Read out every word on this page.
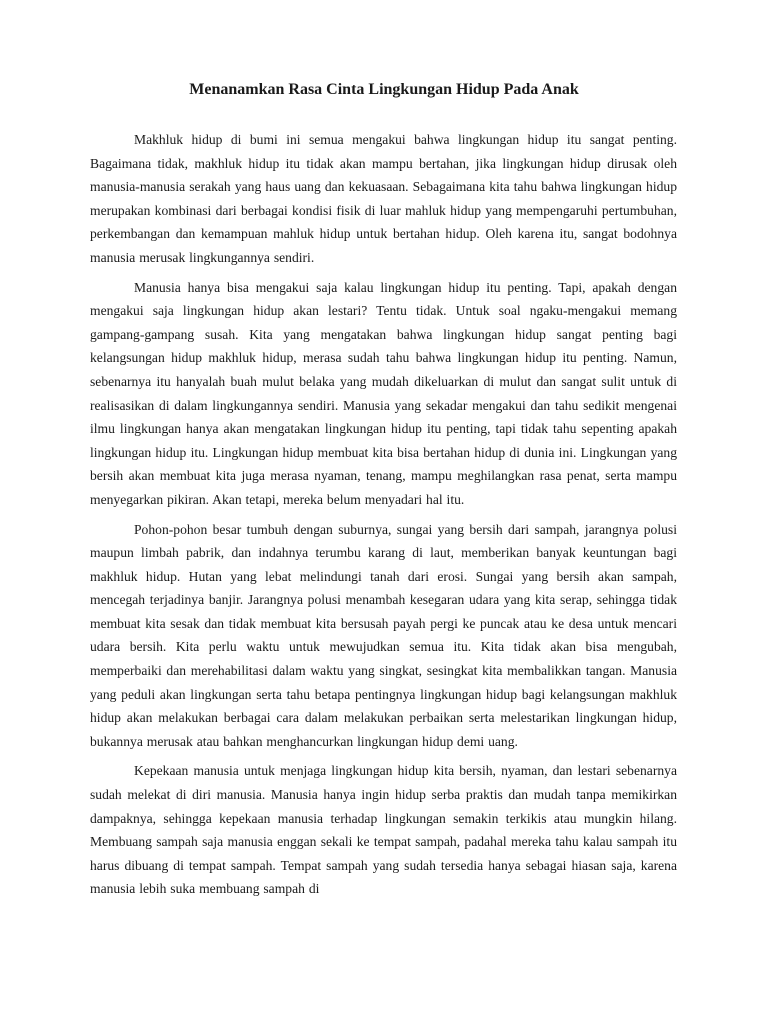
Menanamkan Rasa Cinta Lingkungan Hidup Pada Anak

Makhluk hidup di bumi ini semua mengakui bahwa lingkungan hidup itu sangat penting. Bagaimana tidak, makhluk hidup itu tidak akan mampu bertahan, jika lingkungan hidup dirusak oleh manusia-manusia serakah yang haus uang dan kekuasaan. Sebagaimana kita tahu bahwa lingkungan hidup merupakan kombinasi dari berbagai kondisi fisik di luar mahluk hidup yang mempengaruhi pertumbuhan, perkembangan dan kemampuan mahluk hidup untuk bertahan hidup. Oleh karena itu, sangat bodohnya manusia merusak lingkungannya sendiri.

Manusia hanya bisa mengakui saja kalau lingkungan hidup itu penting. Tapi, apakah dengan mengakui saja lingkungan hidup akan lestari? Tentu tidak. Untuk soal ngaku-mengakui memang gampang-gampang susah. Kita yang mengatakan bahwa lingkungan hidup sangat penting bagi kelangsungan hidup makhluk hidup, merasa sudah tahu bahwa lingkungan hidup itu penting. Namun, sebenarnya itu hanyalah buah mulut belaka yang mudah dikeluarkan di mulut dan sangat sulit untuk di realisasikan di dalam lingkungannya sendiri. Manusia yang sekadar mengakui dan tahu sedikit mengenai ilmu lingkungan hanya akan mengatakan lingkungan hidup itu penting, tapi tidak tahu sepenting apakah lingkungan hidup itu. Lingkungan hidup membuat kita bisa bertahan hidup di dunia ini. Lingkungan yang bersih akan membuat kita juga merasa nyaman, tenang, mampu meghilangkan rasa penat, serta mampu menyegarkan pikiran. Akan tetapi, mereka belum menyadari hal itu.

Pohon-pohon besar tumbuh dengan suburnya, sungai yang bersih dari sampah, jarangnya polusi maupun limbah pabrik, dan indahnya terumbu karang di laut, memberikan banyak keuntungan bagi makhluk hidup. Hutan yang lebat melindungi tanah dari erosi. Sungai yang bersih akan sampah, mencegah terjadinya banjir. Jarangnya polusi menambah kesegaran udara yang kita serap, sehingga tidak membuat kita sesak dan tidak membuat kita bersusah payah pergi ke puncak atau ke desa untuk mencari udara bersih. Kita perlu waktu untuk mewujudkan semua itu. Kita tidak akan bisa mengubah, memperbaiki dan merehabilitasi dalam waktu yang singkat, sesingkat kita membalikkan tangan. Manusia yang peduli akan lingkungan serta tahu betapa pentingnya lingkungan hidup bagi kelangsungan makhluk hidup akan melakukan berbagai cara dalam melakukan perbaikan serta melestarikan lingkungan hidup, bukannya merusak atau bahkan menghancurkan lingkungan hidup demi uang.

Kepekaan manusia untuk menjaga lingkungan hidup kita bersih, nyaman, dan lestari sebenarnya sudah melekat di diri manusia. Manusia hanya ingin hidup serba praktis dan mudah tanpa memikirkan dampaknya, sehingga kepekaan manusia terhadap lingkungan semakin terkikis atau mungkin hilang. Membuang sampah saja manusia enggan sekali ke tempat sampah, padahal mereka tahu kalau sampah itu harus dibuang di tempat sampah. Tempat sampah yang sudah tersedia hanya sebagai hiasan saja, karena manusia lebih suka membuang sampah di
